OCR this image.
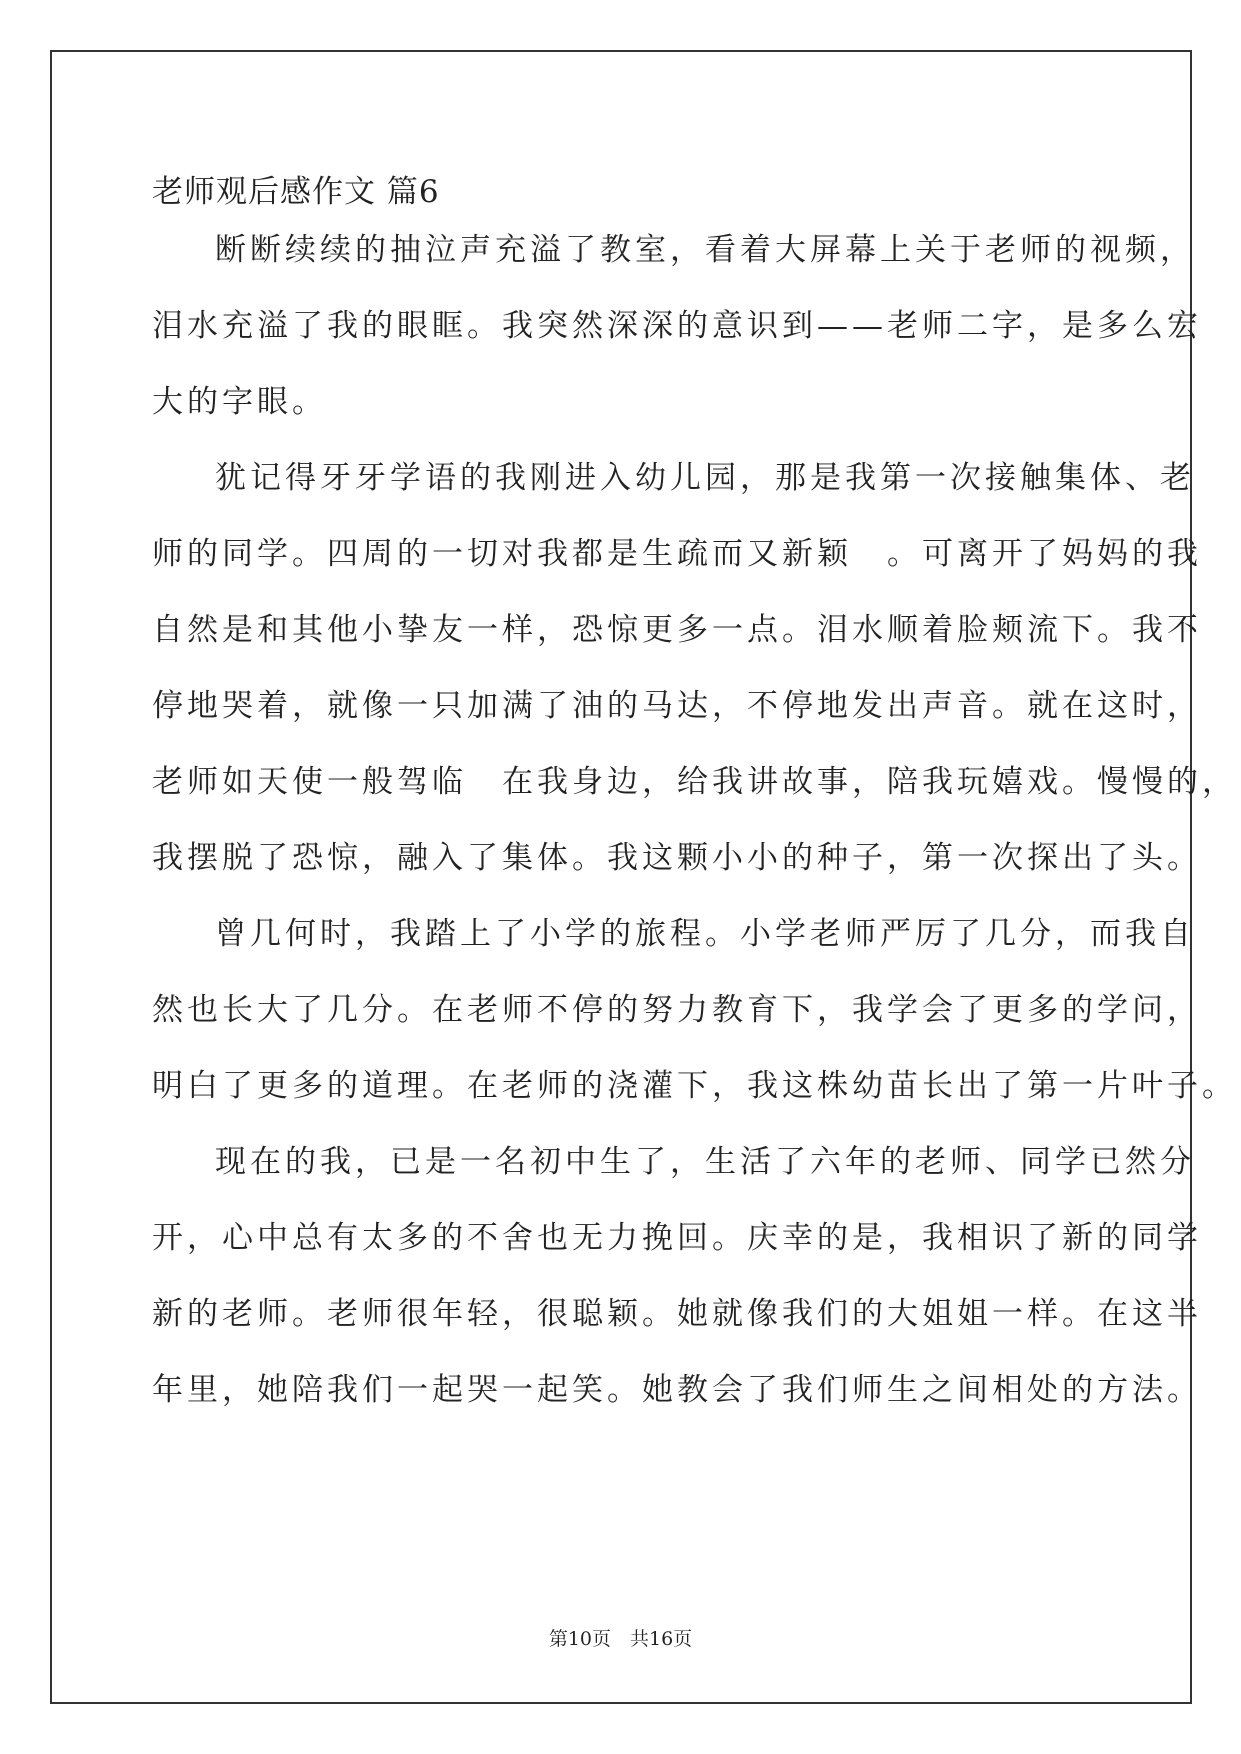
老师观后感作文 篇6
断断续续的抽泣声充溢了教室，看着大屏幕上关于老师的视频，
泪水充溢了我的眼眶。我突然深深的意识到——老师二字，是多么宏
大的字眼。
犹记得牙牙学语的我刚进入幼儿园，那是我第一次接触集体、老
师的同学。四周的一切对我都是生疏而又新颖　。可离开了妈妈的我
自然是和其他小挚友一样，恐惊更多一点。泪水顺着脸颊流下。我不
停地哭着，就像一只加满了油的马达，不停地发出声音。就在这时，
老师如天使一般驾临　在我身边，给我讲故事，陪我玩嬉戏。慢慢的，
我摆脱了恐惊，融入了集体。我这颗小小的种子，第一次探出了头。
曾几何时，我踏上了小学的旅程。小学老师严厉了几分，而我自
然也长大了几分。在老师不停的努力教育下，我学会了更多的学问，
明白了更多的道理。在老师的浇灌下，我这株幼苗长出了第一片叶子。
现在的我，已是一名初中生了，生活了六年的老师、同学已然分
开，心中总有太多的不舍也无力挽回。庆幸的是，我相识了新的同学
新的老师。老师很年轻，很聪颖。她就像我们的大姐姐一样。在这半
年里，她陪我们一起哭一起笑。她教会了我们师生之间相处的方法。
第10页　共16页
